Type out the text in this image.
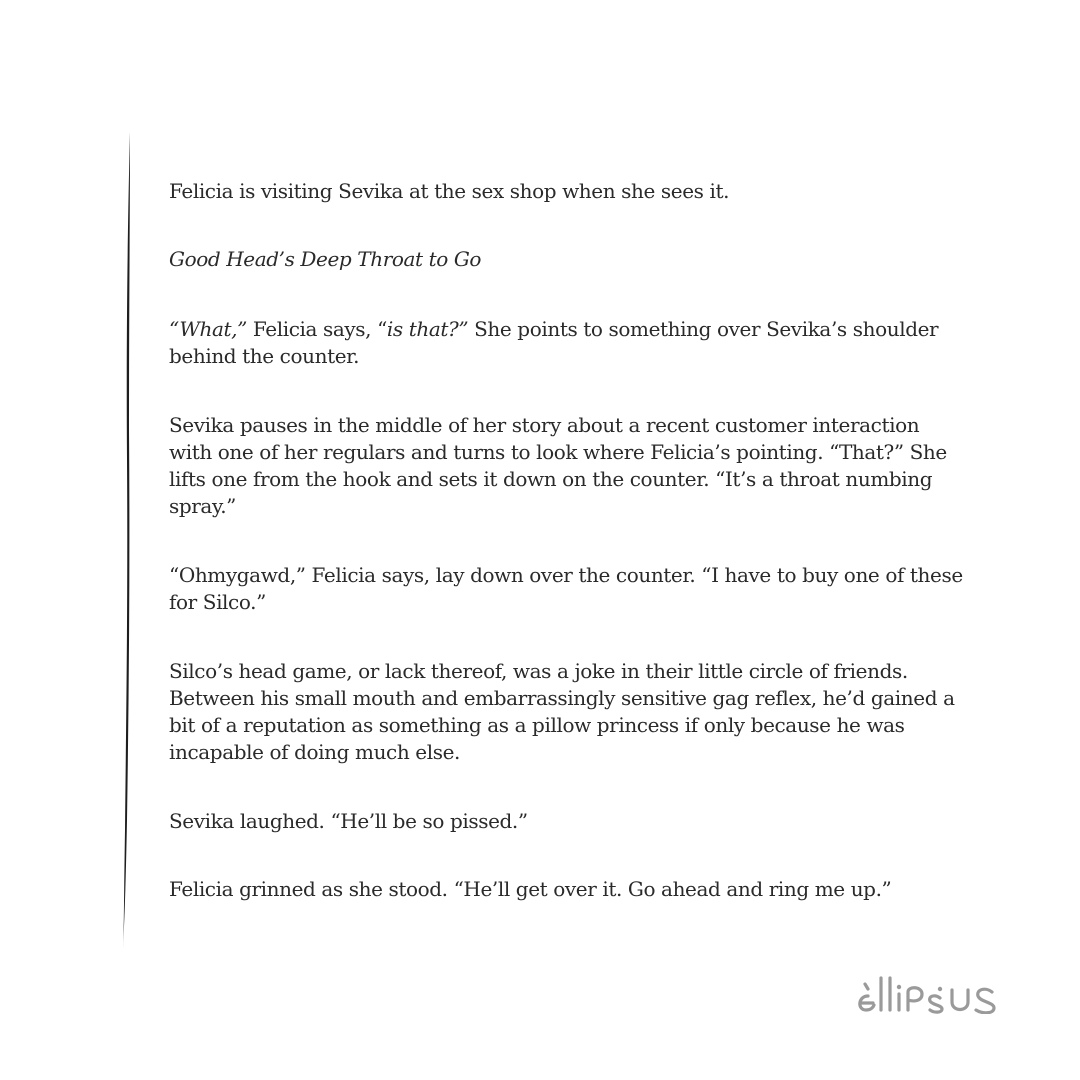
Felicia is visiting Sevika at the sex shop when she sees it.

Good Head’s Deep Throat to Go

“What,” Felicia says, “is that?” She points to something over Sevika’s shoulder
behind the counter.

Sevika pauses in the middle of her story about a recent customer interaction
with one of her regulars and turns to look where Felicia’s pointing. “That?” She
lifts one from the hook and sets it down on the counter. “It’s a throat numbing
spray.”

“Ohmygawd,” Felicia says, lay down over the counter. “I have to buy one of these
for Silco.”

Silco’s head game, or lack thereof, was a joke in their little circle of friends.
Between his small mouth and embarrassingly sensitive gag reflex, he’d gained a
bit of a reputation as something as a pillow princess if only because he was
incapable of doing much else.

Sevika laughed. “He’ll be so pissed.”

Felicia grinned as she stood. “He’ll get over it. Go ahead and ring me up.”
